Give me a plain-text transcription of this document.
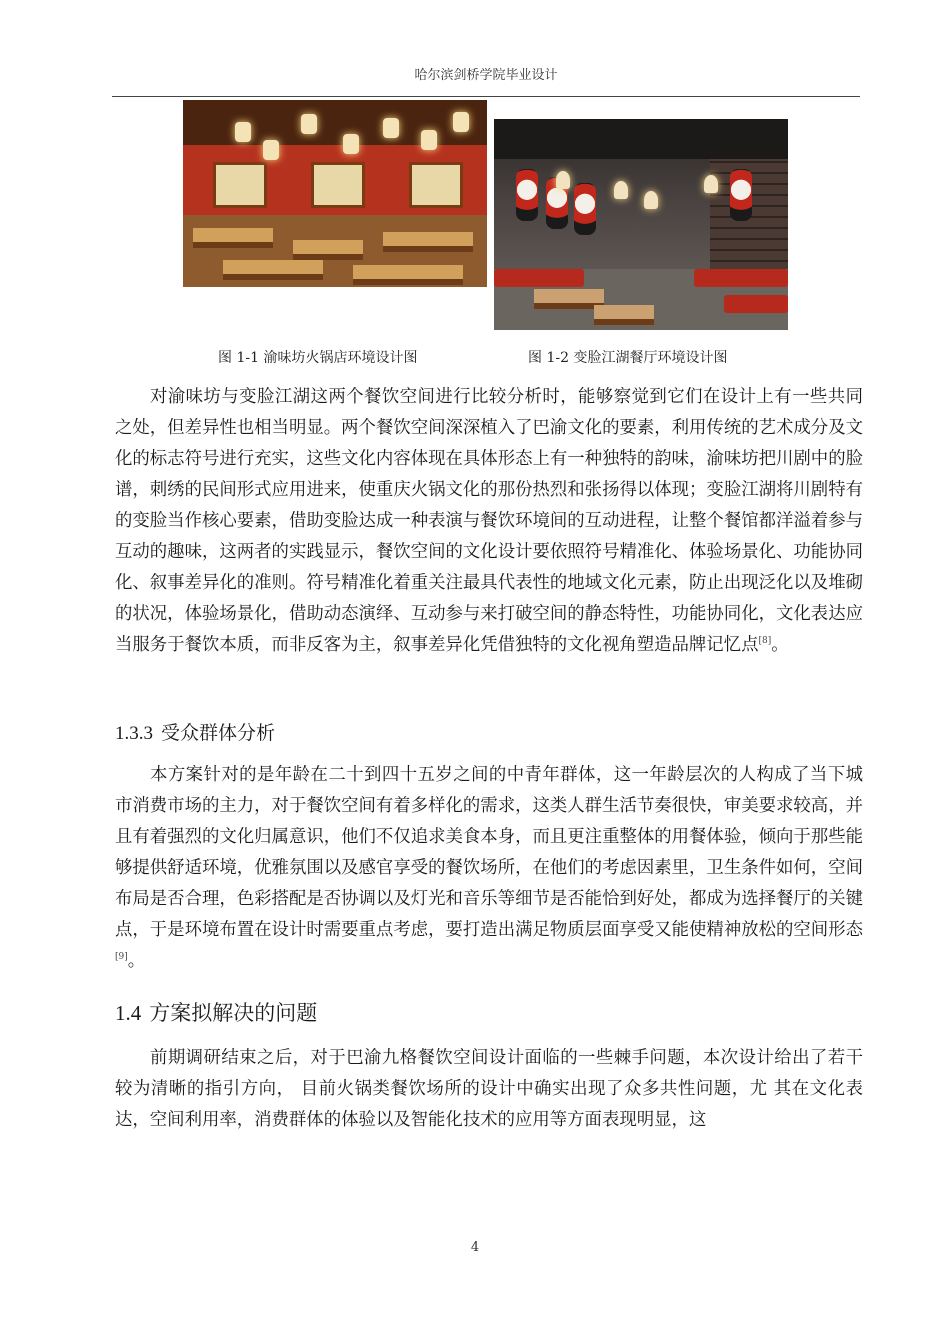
哈尔滨剑桥学院毕业设计
图 1-1 渝味坊火锅店环境设计图	图 1-2 变脸江湖餐厅环境设计图

对渝味坊与变脸江湖这两个餐饮空间进行比较分析时，能够察觉到它们在设计上有一些共同之处，但差异性也相当明显。两个餐饮空间深深植入了巴渝文化的要素，利用传统的艺术成分及文化的标志符号进行充实，这些文化内容体现在具体形态上有一种独特的韵味，渝味坊把川剧中的脸谱，刺绣的民间形式应用进来，使重庆火锅文化的那份热烈和张扬得以体现；变脸江湖将川剧特有的变脸当作核心要素，借助变脸达成一种表演与餐饮环境间的互动进程，让整个餐馆都洋溢着参与互动的趣味，这两者的实践显示，餐饮空间的文化设计要依照符号精准化、体验场景化、功能协同化、叙事差异化的准则。符号精准化着重关注最具代表性的地域文化元素，防止出现泛化以及堆砌的状况，体验场景化，借助动态演绎、互动参与来打破空间的静态特性，功能协同化，文化表达应当服务于餐饮本质，而非反客为主，叙事差异化凭借独特的文化视角塑造品牌记忆点[8]。

1.3.3 受众群体分析

本方案针对的是年龄在二十到四十五岁之间的中青年群体，这一年龄层次的人构成了当下城市消费市场的主力，对于餐饮空间有着多样化的需求，这类人群生活节奏很快，审美要求较高，并且有着强烈的文化归属意识，他们不仅追求美食本身，而且更注重整体的用餐体验，倾向于那些能够提供舒适环境，优雅氛围以及感官享受的餐饮场所，在他们的考虑因素里，卫生条件如何，空间布局是否合理，色彩搭配是否协调以及灯光和音乐等细节是否能恰到好处，都成为选择餐厅的关键点，于是环境布置在设计时需要重点考虑，要打造出满足物质层面享受又能使精神放松的空间形态[9]。

1.4 方案拟解决的问题

前期调研结束之后，对于巴渝九格餐饮空间设计面临的一些棘手问题，本次设计给出了若干较为清晰的指引方向， 目前火锅类餐饮场所的设计中确实出现了众多共性问题，尤 其在文化表达，空间利用率，消费群体的体验以及智能化技术的应用等方面表现明显，这

4
